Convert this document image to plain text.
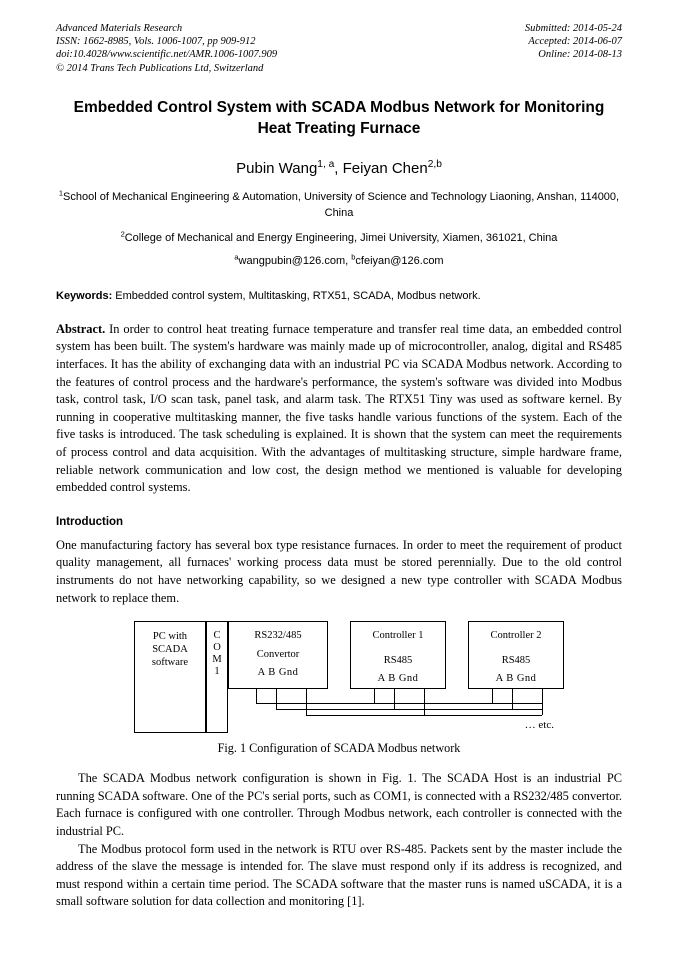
Advanced Materials Research	Submitted: 2014-05-24
ISSN: 1662-8985, Vols. 1006-1007, pp 909-912	Accepted: 2014-06-07
doi:10.4028/www.scientific.net/AMR.1006-1007.909	Online: 2014-08-13
© 2014 Trans Tech Publications Ltd, Switzerland
Embedded Control System with SCADA Modbus Network for Monitoring Heat Treating Furnace
Pubin Wang$^{1, a}$, Feiyan Chen$^{2,b}$
$^1$School of Mechanical Engineering & Automation, University of Science and Technology Liaoning, Anshan, 114000, China
$^2$College of Mechanical and Energy Engineering, Jimei University, Xiamen, 361021, China
$^a$wangpubin@126.com, $^b$cfeiyan@126.com
Keywords: Embedded control system, Multitasking, RTX51, SCADA, Modbus network.
Abstract. In order to control heat treating furnace temperature and transfer real time data, an embedded control system has been built. The system's hardware was mainly made up of microcontroller, analog, digital and RS485 interfaces. It has the ability of exchanging data with an industrial PC via SCADA Modbus network. According to the features of control process and the hardware's performance, the system's software was divided into Modbus task, control task, I/O scan task, panel task, and alarm task. The RTX51 Tiny was used as software kernel. By running in cooperative multitasking manner, the five tasks handle various functions of the system. Each of the five tasks is introduced. The task scheduling is explained. It is shown that the system can meet the requirements of process control and data acquisition. With the advantages of multitasking structure, simple hardware frame, reliable network communication and low cost, the design method we mentioned is valuable for developing embedded control systems.
Introduction
One manufacturing factory has several box type resistance furnaces. In order to meet the requirement of product quality management, all furnaces' working process data must be stored perennially. Due to the old control instruments do not have networking capability, so we designed a new type controller with SCADA Modbus network to replace them.
PC with SCADA software
C O M 1
RS232/485
Convertor
A B Gnd
Controller 1
RS485
A B Gnd
Controller 2
RS485
A B Gnd
… etc.
Fig. 1 Configuration of SCADA Modbus network
The SCADA Modbus network configuration is shown in Fig. 1. The SCADA Host is an industrial PC running SCADA software. One of the PC's serial ports, such as COM1, is connected with a RS232/485 convertor. Each furnace is configured with one controller. Through Modbus network, each controller is connected with the industrial PC.
The Modbus protocol form used in the network is RTU over RS-485. Packets sent by the master include the address of the slave the message is intended for. The slave must respond only if its address is recognized, and must respond within a certain time period. The SCADA software that the master runs is named uSCADA, it is a small software solution for data collection and monitoring [1].
